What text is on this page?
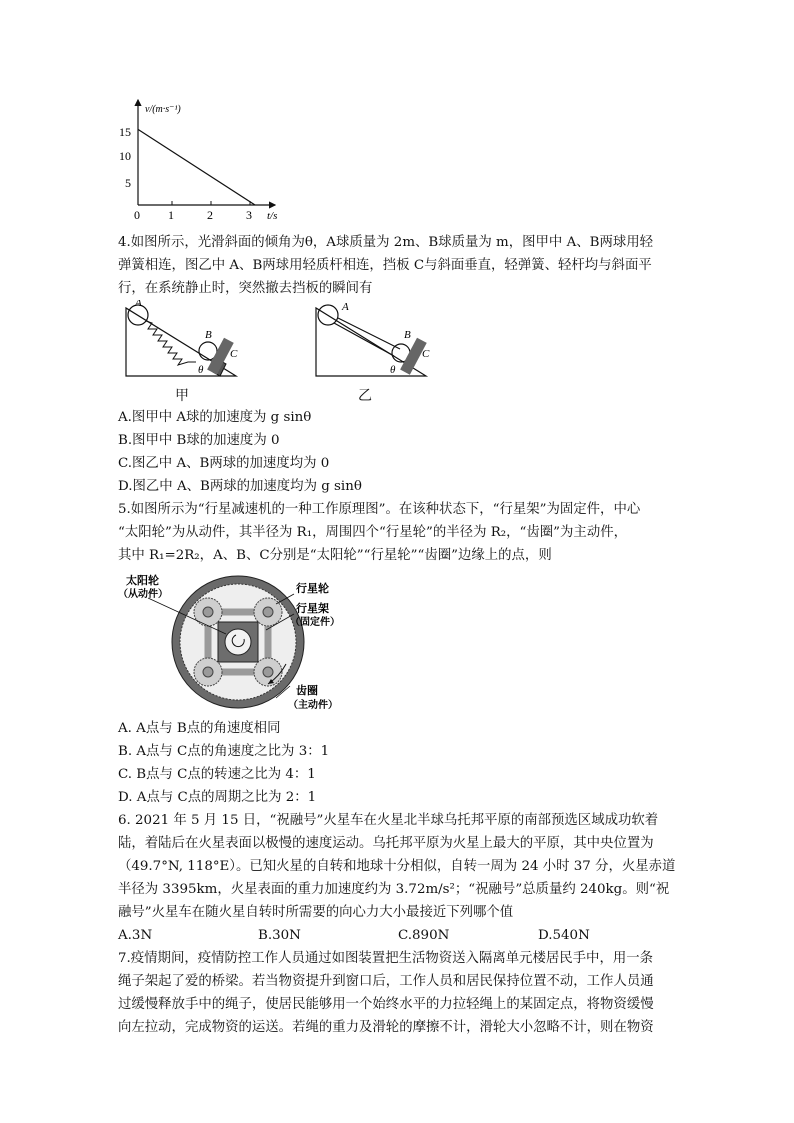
v/(m·s⁻¹)
t/s
15
10
5
0 1	2	3
4.如图所示，光滑斜面的倾角为θ，A球质量为 2m、B球质量为 m，图甲中 A、B两球用轻
弹簧相连，图乙中 A、B两球用轻质杆相连，挡板 C与斜面垂直，轻弹簧、轻杆均与斜面平
行，在系统静止时，突然撤去挡板的瞬间有
A
B
C
θ
甲
A
B
C
θ
乙
A.图甲中 A球的加速度为 g sinθ
B.图甲中 B球的加速度为 0
C.图乙中 A、B两球的加速度均为 0
D.图乙中 A、B两球的加速度均为 g sinθ
5.如图所示为“行星减速机的一种工作原理图”。在该种状态下，“行星架”为固定件，中心
“太阳轮”为从动件，其半径为 R₁，周围四个“行星轮”的半径为 R₂，“齿圈”为主动件，
其中 R₁=2R₂，A、B、C分别是“太阳轮”“行星轮”“齿圈”边缘上的点，则
太阳轮
（从动件）	行星轮
行星架
（固定件）
齿圈
（主动件）
A. A点与 B点的角速度相同
B. A点与 C点的角速度之比为 3：1
C. B点与 C点的转速之比为 4：1
D. A点与 C点的周期之比为 2：1
6. 2021 年 5 月 15 日，“祝融号”火星车在火星北半球乌托邦平原的南部预选区域成功软着
陆，着陆后在火星表面以极慢的速度运动。乌托邦平原为火星上最大的平原，其中央位置为
（49.7°N, 118°E）。已知火星的自转和地球十分相似，自转一周为 24 小时 37 分，火星赤道
半径为 3395km，火星表面的重力加速度约为 3.72m/s²；“祝融号”总质量约 240kg。则“祝
融号”火星车在随火星自转时所需要的向心力大小最接近下列哪个值
A.3N	B.30N	C.890N	D.540N
7.疫情期间，疫情防控工作人员通过如图装置把生活物资送入隔离单元楼居民手中，用一条
绳子架起了爱的桥梁。若当物资提升到窗口后，工作人员和居民保持位置不动，工作人员通
过缓慢释放手中的绳子，使居民能够用一个始终水平的力拉轻绳上的某固定点，将物资缓慢
向左拉动，完成物资的运送。若绳的重力及滑轮的摩擦不计，滑轮大小忽略不计，则在物资
